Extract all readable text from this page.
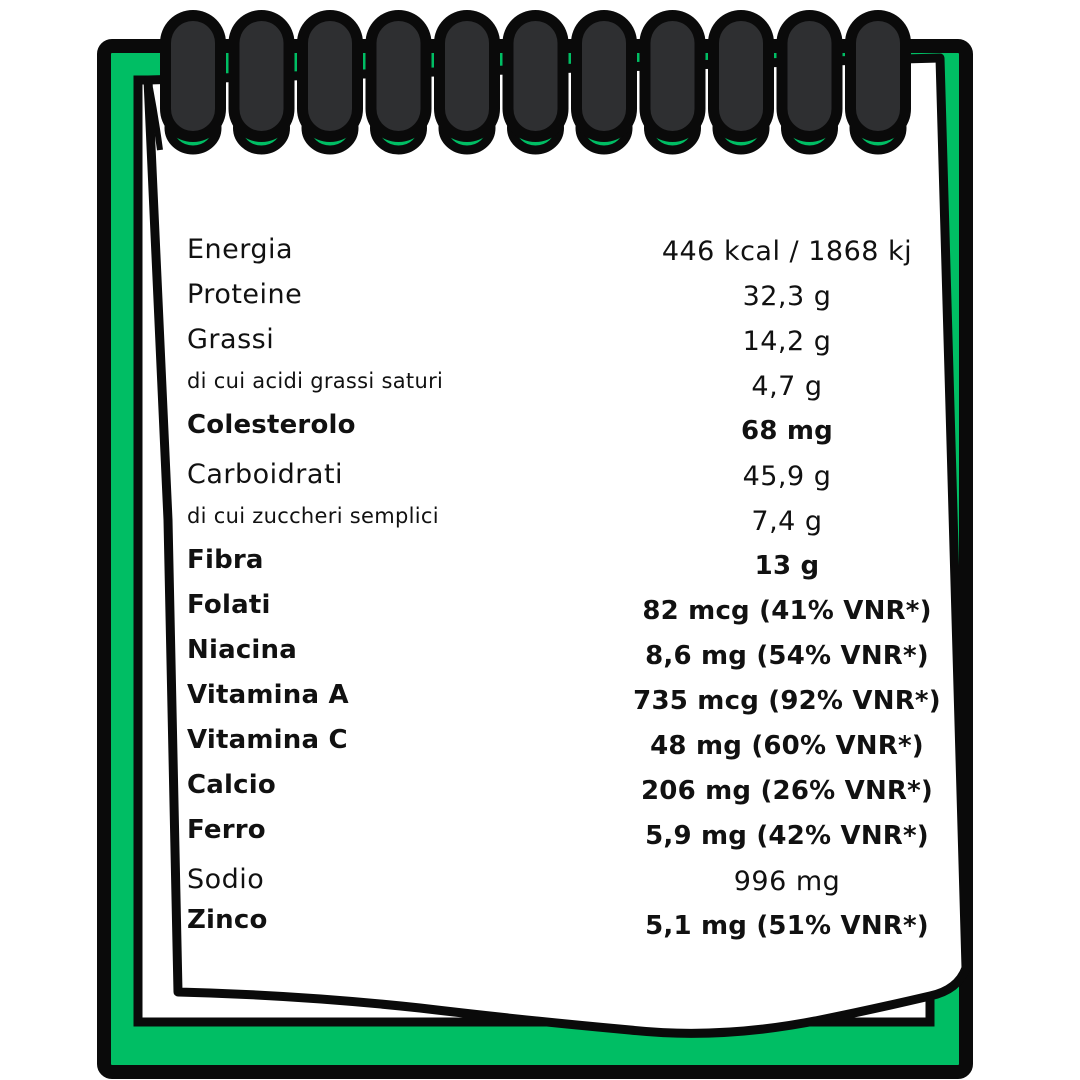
Energia	446 kcal / 1868 kj
Proteine	32,3 g
Grassi	14,2 g
di cui acidi grassi saturi	4,7 g
Colesterolo	68 mg
Carboidrati	45,9 g
di cui zuccheri semplici	7,4 g
Fibra	13 g
Folati	82 mcg (41% VNR*)
Niacina	8,6 mg (54% VNR*)
Vitamina A	735 mcg (92% VNR*)
Vitamina C	48 mg (60% VNR*)
Calcio	206 mg (26% VNR*)
Ferro	5,9 mg (42% VNR*)
Sodio	996 mg
Zinco	5,1 mg (51% VNR*)
